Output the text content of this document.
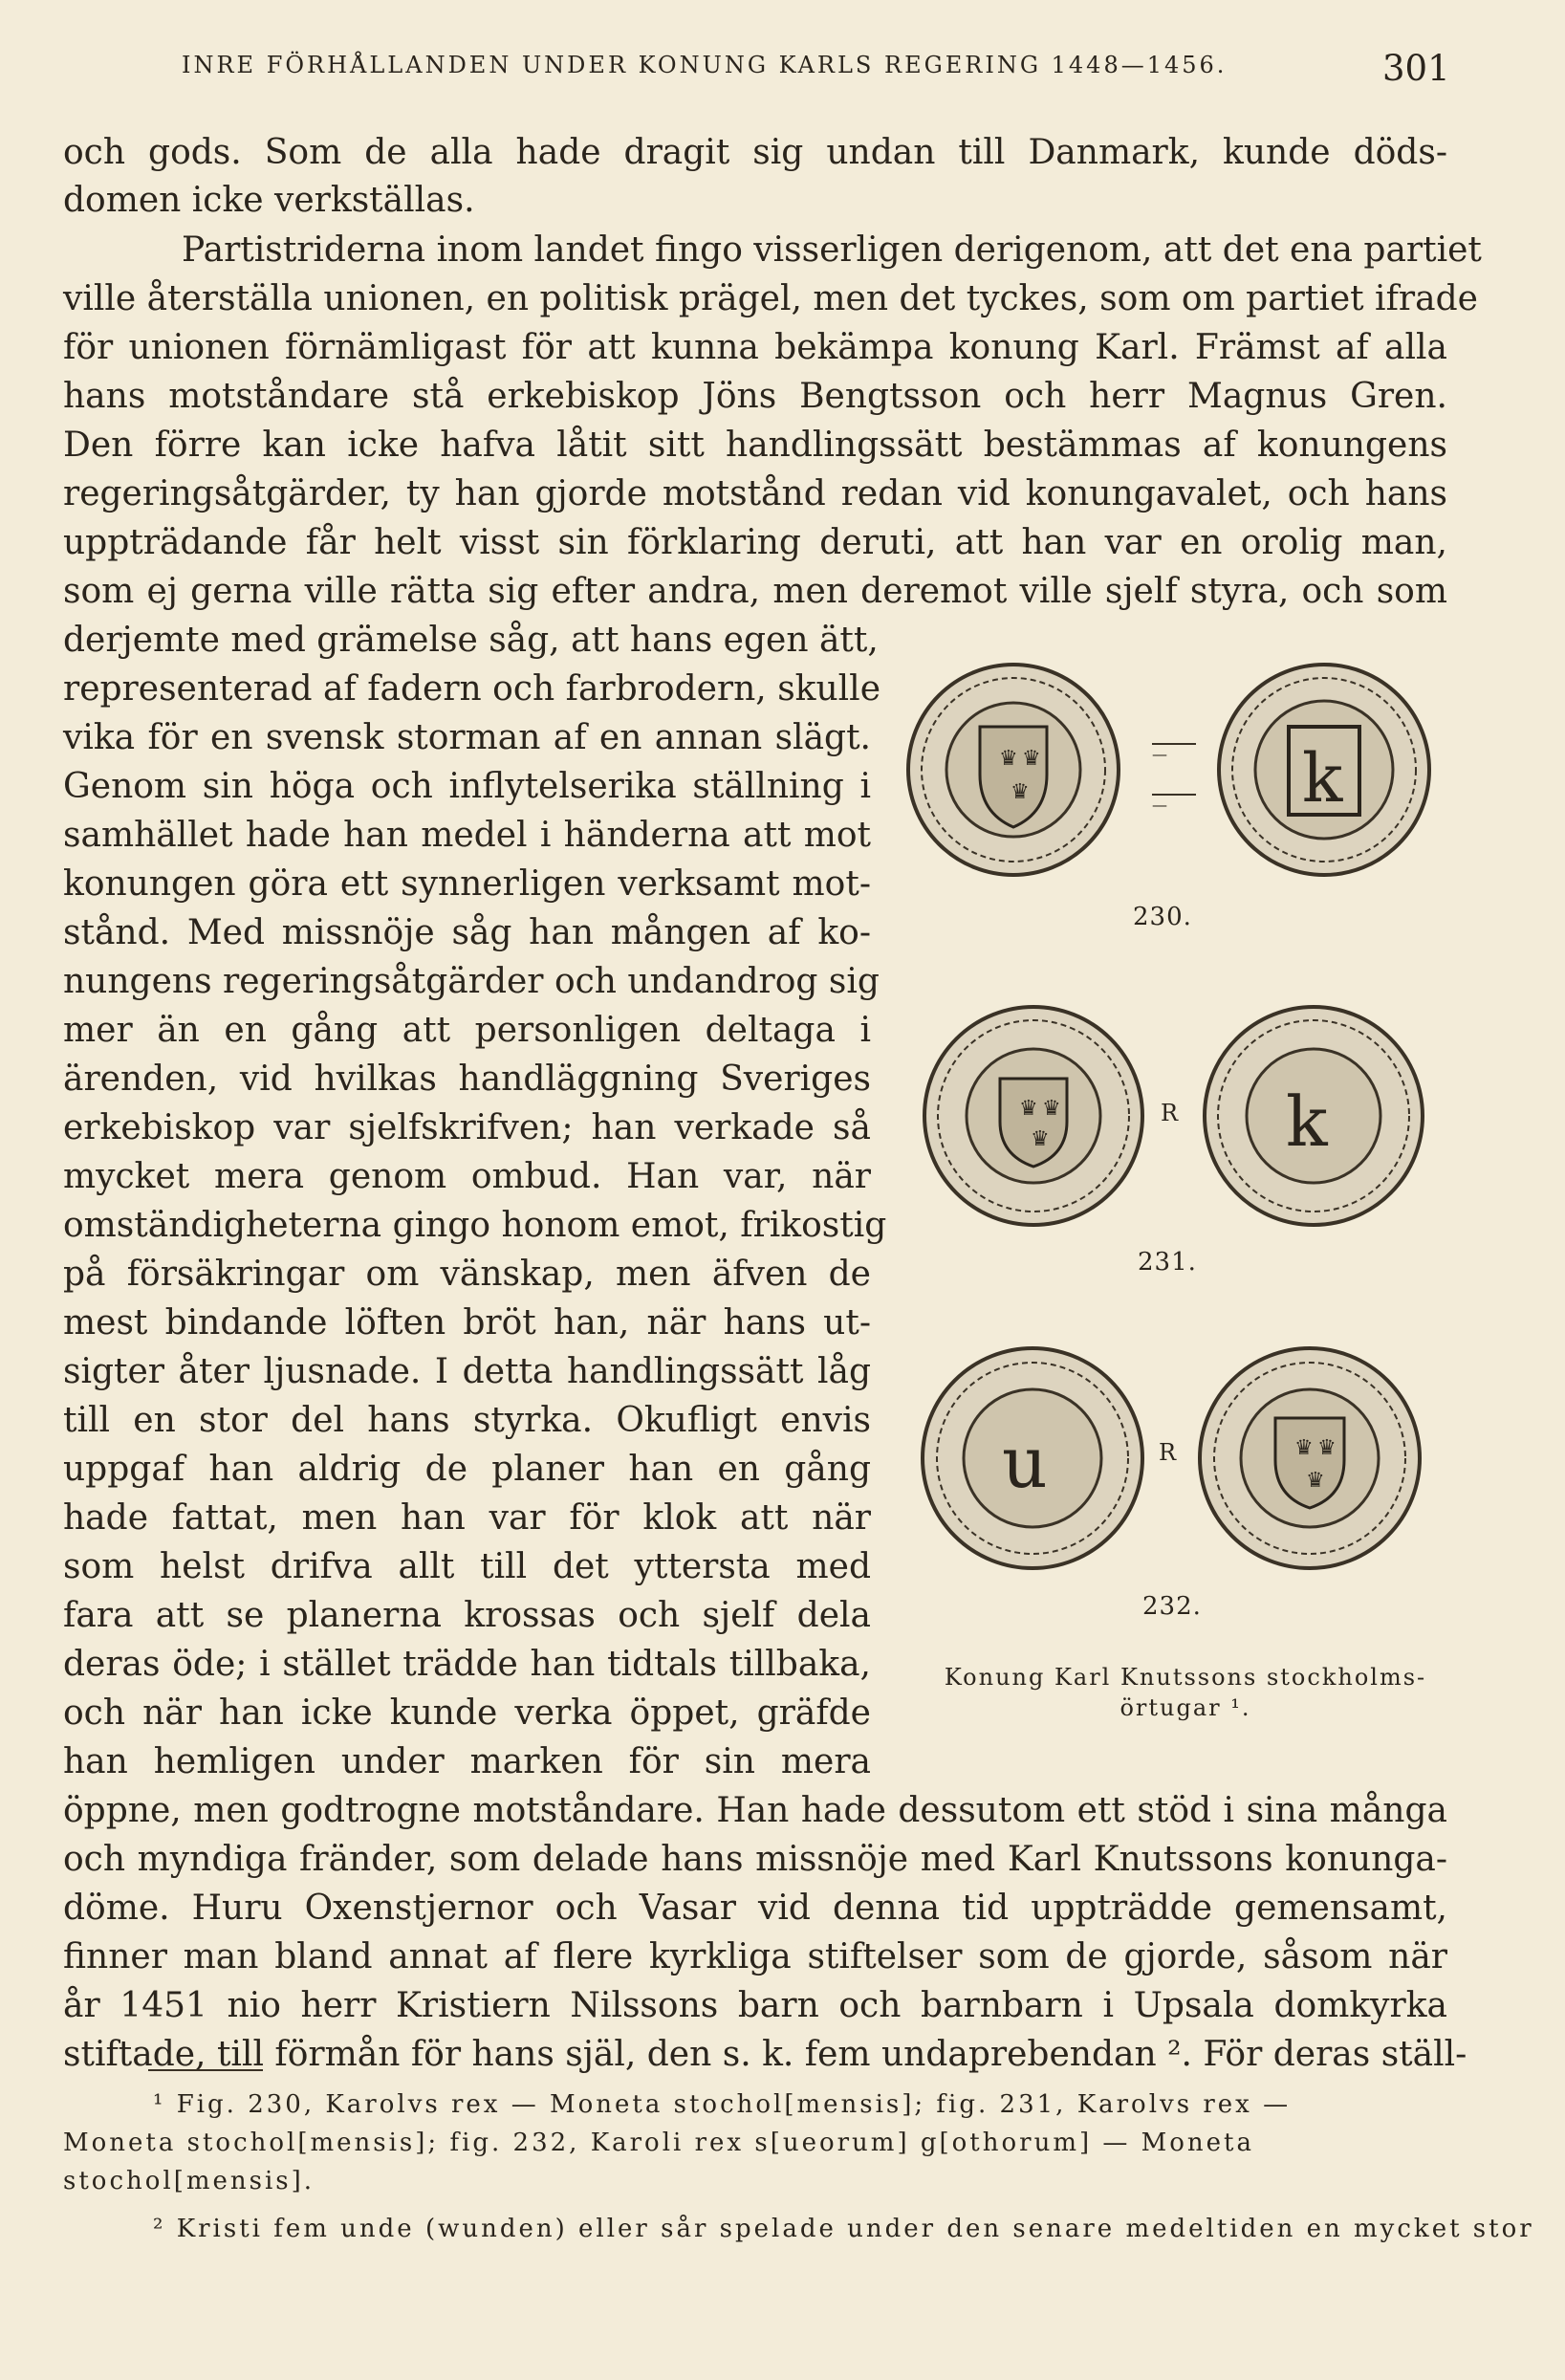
INRE FÖRHÅLLANDEN UNDER KONUNG KARLS REGERING 1448—1456.	301
och gods. Som de alla hade dragit sig undan till Danmark, kunde döds-
domen icke verkställas.
Partistriderna inom landet fingo visserligen derigenom, att det ena partiet
ville återställa unionen, en politisk prägel, men det tyckes, som om partiet ifrade
för unionen förnämligast för att kunna bekämpa konung Karl. Främst af alla
hans motståndare stå erkebiskop Jöns Bengtsson och herr Magnus Gren.
Den förre kan icke hafva låtit sitt handlingssätt bestämmas af konungens
regeringsåtgärder, ty han gjorde motstånd redan vid konungavalet, och hans
uppträdande får helt visst sin förklaring deruti, att han var en orolig man,
som ej gerna ville rätta sig efter andra, men deremot ville sjelf styra, och som
derjemte med grämelse såg, att hans egen ätt,
representerad af fadern och farbrodern, skulle
vika för en svensk storman af en annan slägt.
Genom sin höga och inflytelserika ställning i
samhället hade han medel i händerna att mot
konungen göra ett synnerligen verksamt mot-
stånd. Med missnöje såg han mången af ko-
nungens regeringsåtgärder och undandrog sig
mer än en gång att personligen deltaga i
ärenden, vid hvilkas handläggning Sveriges
erkebiskop var sjelfskrifven; han verkade så
mycket mera genom ombud. Han var, när
omständigheterna gingo honom emot, frikostig
på försäkringar om vänskap, men äfven de
mest bindande löften bröt han, när hans ut-
sigter åter ljusnade. I detta handlingssätt låg
till en stor del hans styrka. Okufligt envis
uppgaf han aldrig de planer han en gång
hade fattat, men han var för klok att när
som helst drifva allt till det yttersta med
fara att se planerna krossas och sjelf dela
deras öde; i stället trädde han tidtals tillbaka,
och när han icke kunde verka öppet, gräfde
han hemligen under marken för sin mera
öppne, men godtrogne motståndare. Han hade dessutom ett stöd i sina många
och myndiga fränder, som delade hans missnöje med Karl Knutssons konunga-
döme. Huru Oxenstjernor och Vasar vid denna tid uppträdde gemensamt,
finner man bland annat af flere kyrkliga stiftelser som de gjorde, såsom när
år 1451 nio herr Kristiern Nilssons barn och barnbarn i Upsala domkyrka
stiftade, till förmån för hans själ, den s. k. fem undaprebendan ². För deras ställ-
♛ ♛
♛	k
—
—
230.
♛ ♛
♛	k
R
231.
u	♛ ♛
♛
R
232.
Konung Karl Knutssons stockholms-
örtugar ¹.
¹ Fig. 230, Karolvs rex — Moneta stochol[mensis]; fig. 231, Karolvs rex —
Moneta stochol[mensis]; fig. 232, Karoli rex s[ueorum] g[othorum] — Moneta
stochol[mensis].
² Kristi fem unde (wunden) eller sår spelade under den senare medeltiden en mycket stor
